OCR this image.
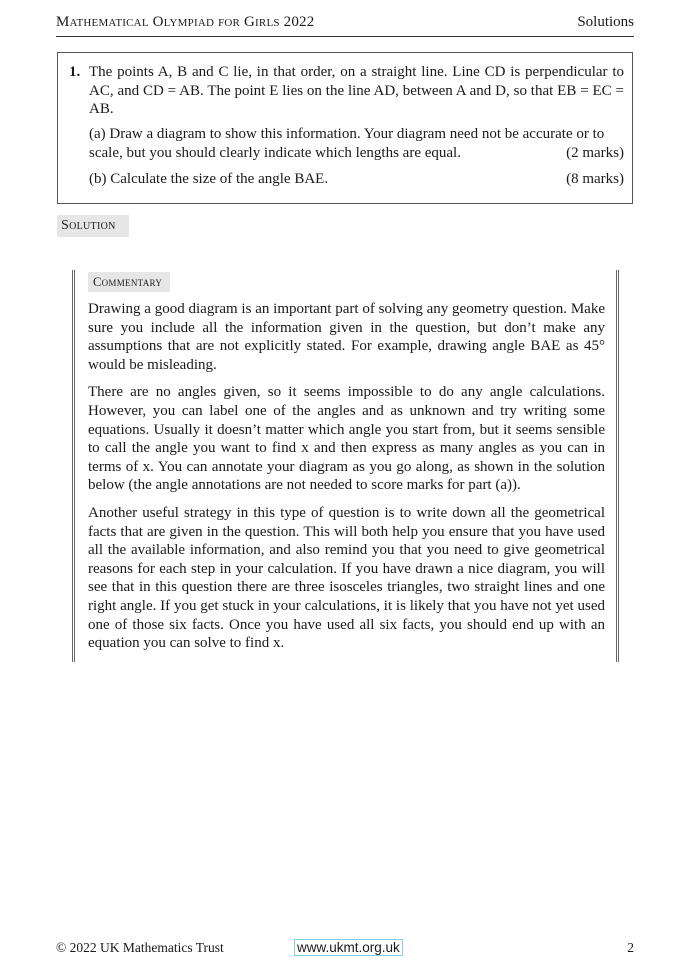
Mathematical Olympiad for Girls 2022	Solutions
1. The points A, B and C lie, in that order, on a straight line. Line CD is perpendicular to AC, and CD = AB. The point E lies on the line AD, between A and D, so that EB = EC = AB.
(a) Draw a diagram to show this information. Your diagram need not be accurate or to scale, but you should clearly indicate which lengths are equal.	(2 marks)
(b) Calculate the size of the angle BAE.	(8 marks)
Solution
Commentary

Drawing a good diagram is an important part of solving any geometry question. Make sure you include all the information given in the question, but don’t make any assumptions that are not explicitly stated. For example, drawing angle BAE as 45° would be misleading.

There are no angles given, so it seems impossible to do any angle calculations. However, you can label one of the angles and as unknown and try writing some equations. Usually it doesn’t matter which angle you start from, but it seems sensible to call the angle you want to find x and then express as many angles as you can in terms of x. You can annotate your diagram as you go along, as shown in the solution below (the angle annotations are not needed to score marks for part (a)).

Another useful strategy in this type of question is to write down all the geometrical facts that are given in the question. This will both help you ensure that you have used all the available information, and also remind you that you need to give geometrical reasons for each step in your calculation. If you have drawn a nice diagram, you will see that in this question there are three isosceles triangles, two straight lines and one right angle. If you get stuck in your calculations, it is likely that you have not yet used one of those six facts. Once you have used all six facts, you should end up with an equation you can solve to find x.

© 2022 UK Mathematics Trust	www.ukmt.org.uk	2
